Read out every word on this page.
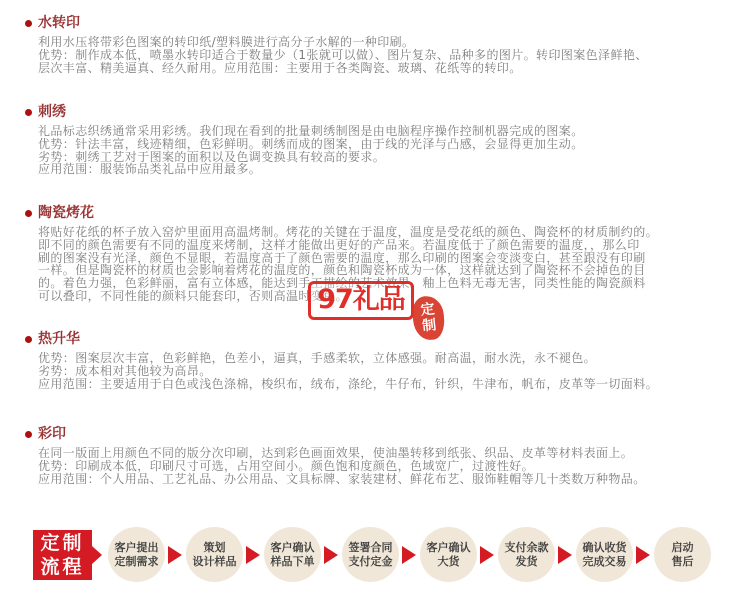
水转印
利用水压将带彩色图案的转印纸/塑料膜进行高分子水解的一种印刷。
优势：制作成本低，喷墨水转印适合于数量少（1张就可以做）、图片复杂、品种多的图片。转印图案色泽鲜艳、
层次丰富、精美逼真、经久耐用。应用范围：主要用于各类陶瓷、玻璃、花纸等的转印。
刺绣
礼品标志织绣通常采用彩绣。我们现在看到的批量刺绣制图是由电脑程序操作控制机器完成的图案。
优势：针法丰富，线迹精细，色彩鲜明。刺绣而成的图案，由于线的光泽与凸感，会显得更加生动。
劣势：刺绣工艺对于图案的面积以及色调变换具有较高的要求。
应用范围：服装饰品类礼品中应用最多。
陶瓷烤花
将贴好花纸的杯子放入窑炉里面用高温烤制。烤花的关键在于温度，温度是受花纸的颜色、陶瓷杯的材质制约的。
即不同的颜色需要有不同的温度来烤制，这样才能做出更好的产品来。若温度低于了颜色需要的温度，，那么印
刷的图案没有光泽，颜色不显眼，若温度高于了颜色需要的温度，那么印刷的图案会变淡变白，甚至跟没有印刷
一样。但是陶瓷杯的材质也会影响着烤花的温度的，颜色和陶瓷杯成为一体，这样就达到了陶瓷杯不会掉色的目
的。着色力强，色彩鲜丽，富有立体感，能达到手工描绘的艺术效果。釉上色料无毒无害，同类性能的陶瓷颜料
可以叠印，不同性能的颜料只能套印，否则高温时变色。
热升华
优势：图案层次丰富，色彩鲜艳，色差小，逼真，手感柔软，立体感强。耐高温，耐水洗，永不褪色。
劣势：成本相对其他较为高昂。
应用范围：主要适用于白色或浅色涤棉，梭织布，绒布，涤纶，牛仔布，针织，牛津布，帆布，皮革等一切面料。
彩印
在同一版面上用颜色不同的版分次印刷，达到彩色画面效果，使油墨转移到纸张、织品、皮革等材料表面上。
优势：印刷成本低，印刷尺寸可选，占用空间小。颜色饱和度颜色，色域宽广，过渡性好。
应用范围：个人用品、工艺礼品、办公用品、文具标牌、家装建材、鲜花布艺、服饰鞋帽等几十类数万种物品。
97礼品	定
制
定制
流程
客户提出
定制需求
策划
设计样品
客户确认
样品下单
签署合同
支付定金
客户确认
大货
支付余款
发货
确认收货
完成交易
启动
售后
